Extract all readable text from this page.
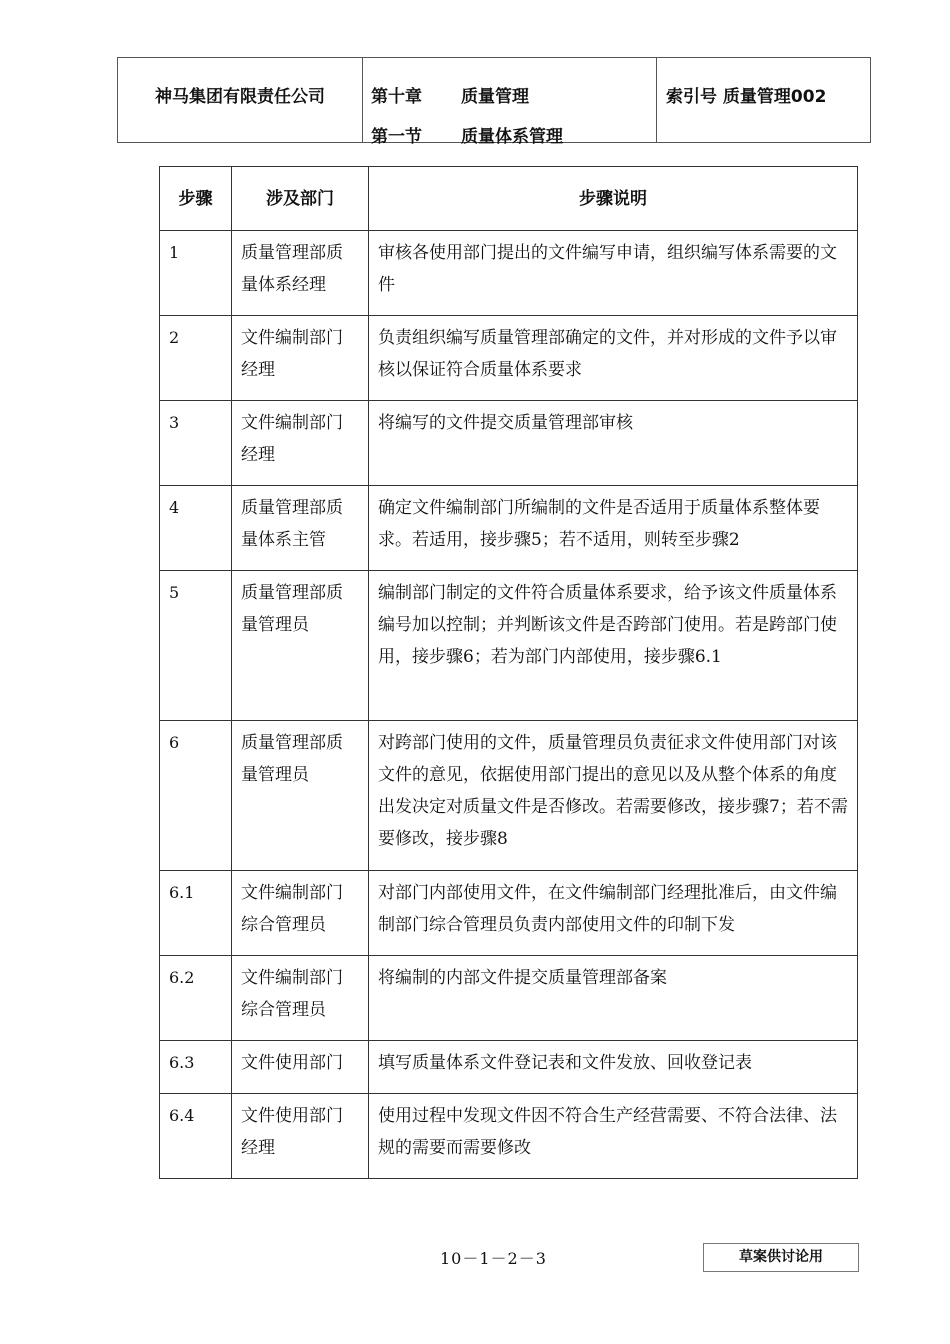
神马集团有限责任公司	第十章	质量管理
第一节	质量体系管理
索引号 质量管理002
步骤	涉及部门	步骤说明
1	质量管理部质量体系经理	审核各使用部门提出的文件编写申请，组织编写体系需要的文件
2	文件编制部门经理	负责组织编写质量管理部确定的文件，并对形成的文件予以审核以保证符合质量体系要求
3	文件编制部门经理	将编写的文件提交质量管理部审核
4	质量管理部质量体系主管	确定文件编制部门所编制的文件是否适用于质量体系整体要求。若适用，接步骤5；若不适用，则转至步骤2
5	质量管理部质量管理员	编制部门制定的文件符合质量体系要求，给予该文件质量体系编号加以控制；并判断该文件是否跨部门使用。若是跨部门使用，接步骤6；若为部门内部使用，接步骤6.1
6	质量管理部质量管理员	对跨部门使用的文件，质量管理员负责征求文件使用部门对该文件的意见，依据使用部门提出的意见以及从整个体系的角度出发决定对质量文件是否修改。若需要修改，接步骤7；若不需要修改，接步骤8
6.1	文件编制部门综合管理员	对部门内部使用文件，在文件编制部门经理批准后，由文件编制部门综合管理员负责内部使用文件的印制下发
6.2	文件编制部门综合管理员	将编制的内部文件提交质量管理部备案
6.3	文件使用部门	填写质量体系文件登记表和文件发放、回收登记表
6.4	文件使用部门经理	使用过程中发现文件因不符合生产经营需要、不符合法律、法规的需要而需要修改
10－1－2－3	草案供讨论用
